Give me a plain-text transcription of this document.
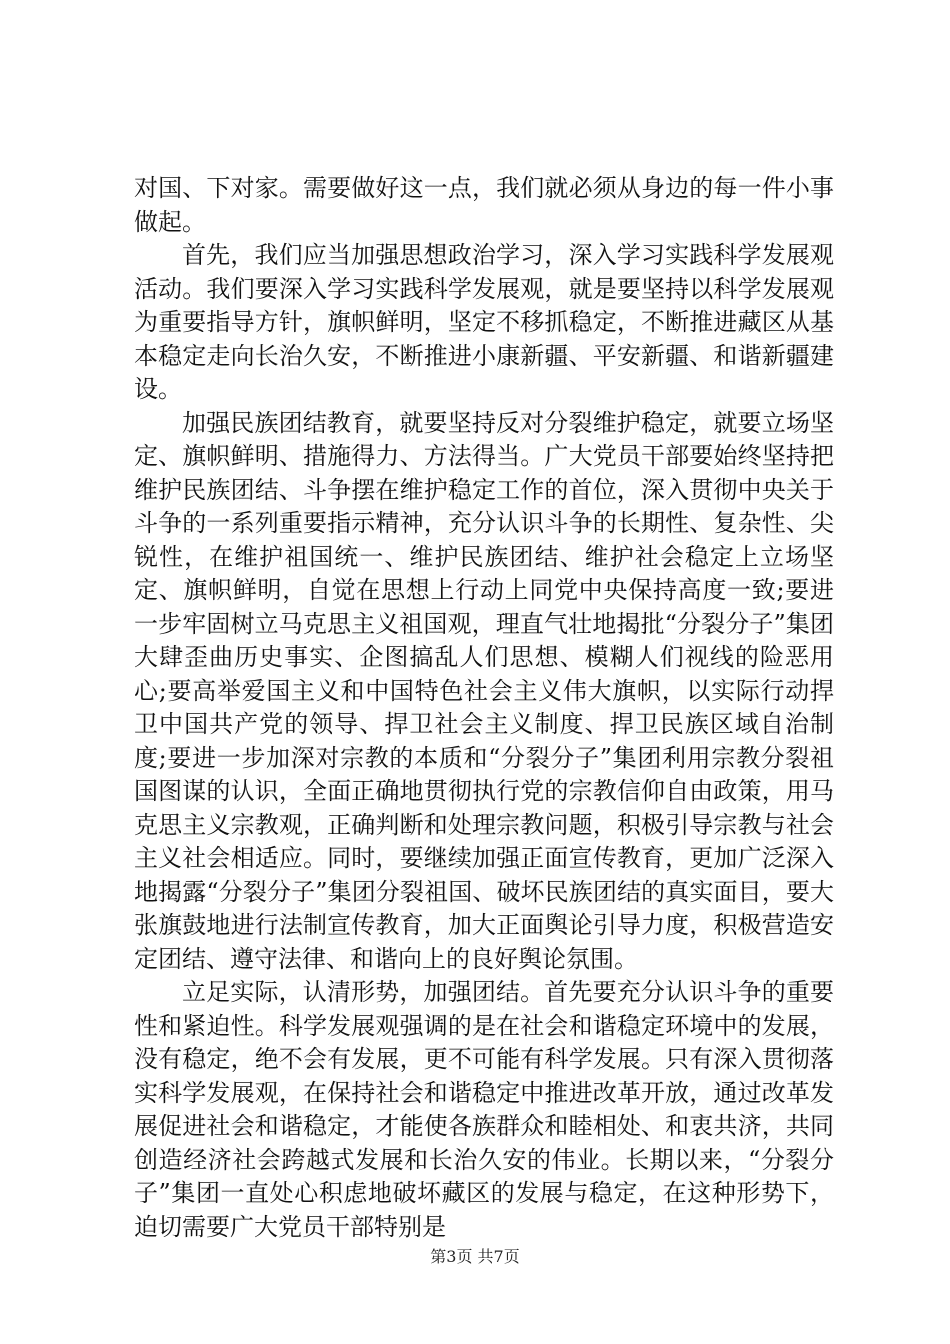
对国、下对家。需要做好这一点，我们就必须从身边的每一件小事做起。

首先，我们应当加强思想政治学习，深入学习实践科学发展观活动。我们要深入学习实践科学发展观，就是要坚持以科学发展观为重要指导方针，旗帜鲜明，坚定不移抓稳定，不断推进藏区从基本稳定走向长治久安，不断推进小康新疆、平安新疆、和谐新疆建设。

加强民族团结教育，就要坚持反对分裂维护稳定，就要立场坚定、旗帜鲜明、措施得力、方法得当。广大党员干部要始终坚持把维护民族团结、斗争摆在维护稳定工作的首位，深入贯彻中央关于斗争的一系列重要指示精神，充分认识斗争的长期性、复杂性、尖锐性，在维护祖国统一、维护民族团结、维护社会稳定上立场坚定、旗帜鲜明，自觉在思想上行动上同党中央保持高度一致;要进一步牢固树立马克思主义祖国观，理直气壮地揭批“分裂分子”集团大肆歪曲历史事实、企图搞乱人们思想、模糊人们视线的险恶用心;要高举爱国主义和中国特色社会主义伟大旗帜，以实际行动捍卫中国共产党的领导、捍卫社会主义制度、捍卫民族区域自治制度;要进一步加深对宗教的本质和“分裂分子”集团利用宗教分裂祖国图谋的认识，全面正确地贯彻执行党的宗教信仰自由政策，用马克思主义宗教观，正确判断和处理宗教问题，积极引导宗教与社会主义社会相适应。同时，要继续加强正面宣传教育，更加广泛深入地揭露“分裂分子”集团分裂祖国、破坏民族团结的真实面目，要大张旗鼓地进行法制宣传教育，加大正面舆论引导力度，积极营造安定团结、遵守法律、和谐向上的良好舆论氛围。

立足实际，认清形势，加强团结。首先要充分认识斗争的重要性和紧迫性。科学发展观强调的是在社会和谐稳定环境中的发展，没有稳定，绝不会有发展，更不可能有科学发展。只有深入贯彻落实科学发展观，在保持社会和谐稳定中推进改革开放，通过改革发展促进社会和谐稳定，才能使各族群众和睦相处、和衷共济，共同创造经济社会跨越式发展和长治久安的伟业。长期以来，“分裂分子”集团一直处心积虑地破坏藏区的发展与稳定，在这种形势下，迫切需要广大党员干部特别是

第3页 共7页
